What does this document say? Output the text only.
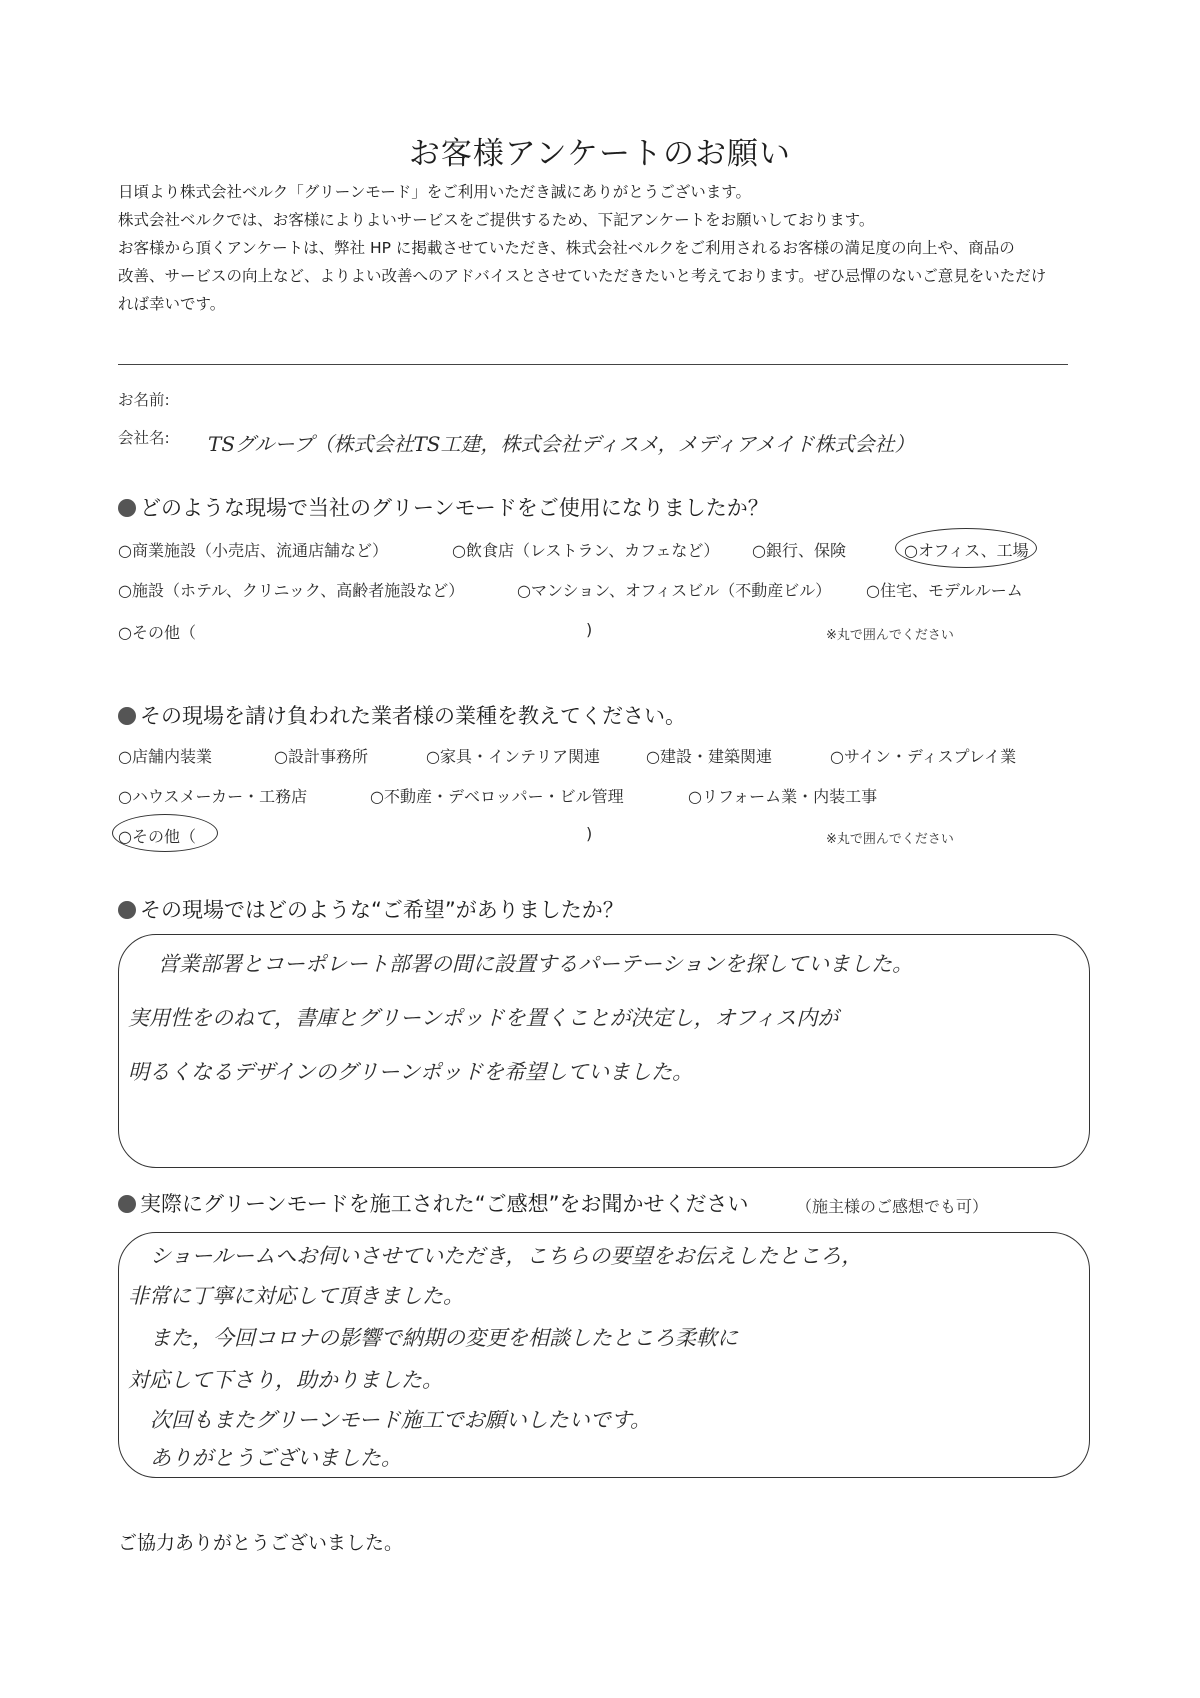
お客様アンケートのお願い
日頃より株式会社ベルク「グリーンモード」をご利用いただき誠にありがとうございます。
株式会社ベルクでは、お客様によりよいサービスをご提供するため、下記アンケートをお願いしております。
お客様から頂くアンケートは、弊社 HP に掲載させていただき、株式会社ベルクをご利用されるお客様の満足度の向上や、商品の
改善、サービスの向上など、よりよい改善へのアドバイスとさせていただきたいと考えております。ぜひ忌憚のないご意見をいただけ
れば幸いです。
お名前:
会社名: TSグループ（株式会社TS工建，株式会社ディスメ，メディアメイド株式会社）
どのような現場で当社のグリーンモードをご使用になりましたか？
○商業施設（小売店、流通店舗など）	○飲食店（レストラン、カフェなど） ○銀行、保険	○オフィス、工場
○施設（ホテル、クリニック、高齢者施設など）	○マンション、オフィスビル（不動産ビル） ○住宅、モデルルーム
○その他（	)	※丸で囲んでください
その現場を請け負われた業者様の業種を教えてください。
○店舗内装業	○設計事務所	○家具・インテリア関連	○建設・建築関連	○サイン・ディスプレイ業
○ハウスメーカー・工務店	○不動産・デベロッパー・ビル管理	○リフォーム業・内装工事
○その他（	)	※丸で囲んでください
その現場ではどのような“ご希望”がありましたか？
営業部署とコーポレート部署の間に設置するパーテーションを探していました。
実用性をのねて，書庫とグリーンポッドを置くことが決定し，オフィス内が
明るくなるデザインのグリーンポッドを希望していました。
実際にグリーンモードを施工された“ご感想”をお聞かせください	（施主様のご感想でも可）
ショールームへお伺いさせていただき，こちらの要望をお伝えしたところ，
非常に丁寧に対応して頂きました。
また，今回コロナの影響で納期の変更を相談したところ柔軟に
対応して下さり，助かりました。
次回もまたグリーンモード施工でお願いしたいです。
ありがとうございました。
ご協力ありがとうございました。
